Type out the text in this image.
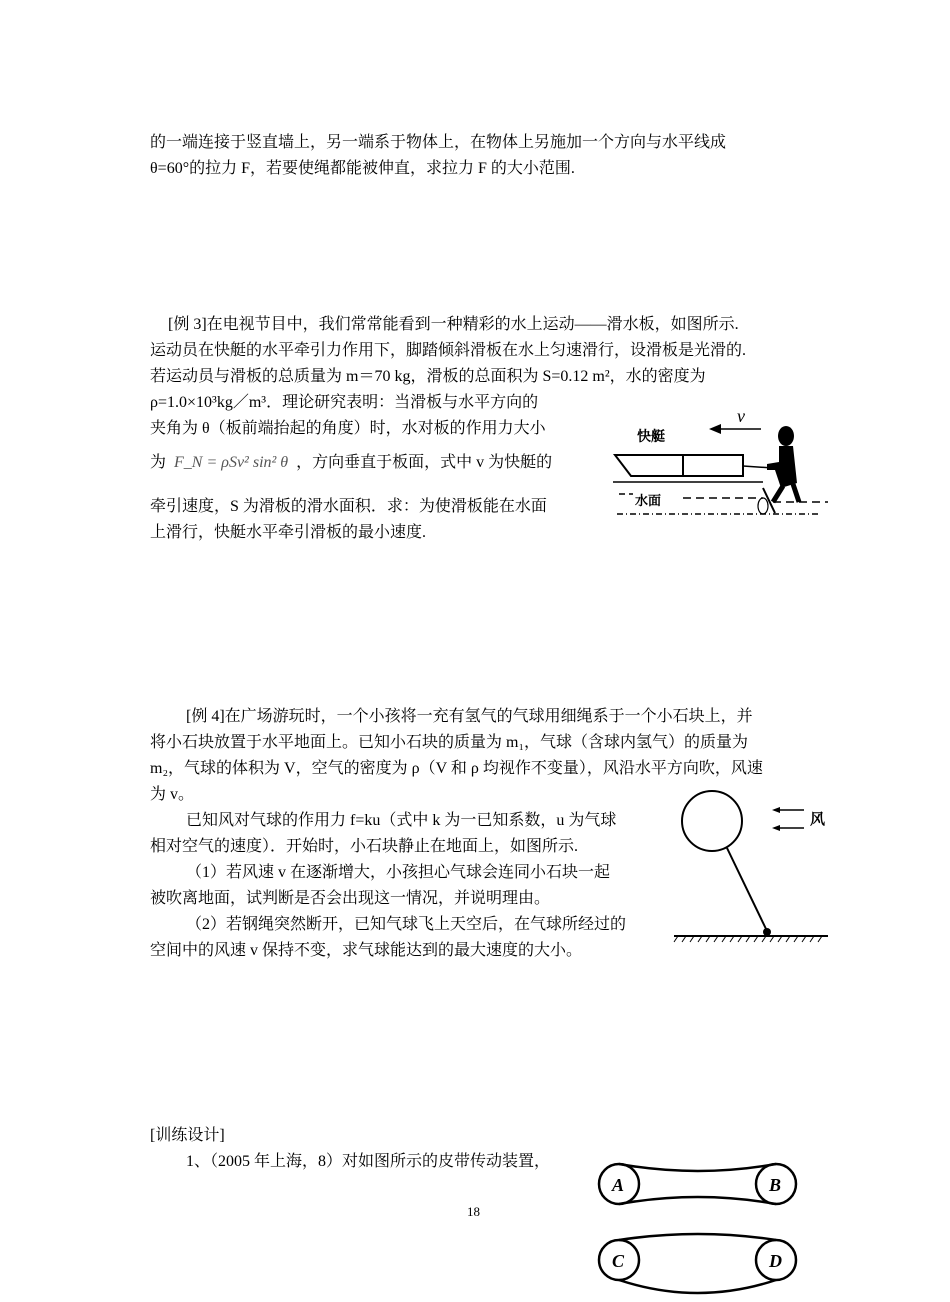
的一端连接于竖直墙上，另一端系于物体上，在物体上另施加一个方向与水平线成
θ=60°的拉力 F，若要使绳都能被伸直，求拉力 F 的大小范围.
[例 3]在电视节目中，我们常常能看到一种精彩的水上运动——滑水板，如图所示.
运动员在快艇的水平牵引力作用下，脚踏倾斜滑板在水上匀速滑行，设滑板是光滑的.
若运动员与滑板的总质量为 m＝70 kg，滑板的总面积为 S=0.12 m²，水的密度为
ρ=1.0×10³kg／m³．理论研究表明：当滑板与水平方向的
夹角为 θ（板前端抬起的角度）时，水对板的作用力大小
为 F_N = ρSv² sin² θ ，方向垂直于板面，式中 v 为快艇的
牵引速度，S 为滑板的滑水面积．求：为使滑板能在水面
上滑行，快艇水平牵引滑板的最小速度.
v
快艇
水面
[例 4]在广场游玩时，一个小孩将一充有氢气的气球用细绳系于一个小石块上，并
将小石块放置于水平地面上。已知小石块的质量为 m₁，气球（含球内氢气）的质量为
m₂，气球的体积为 V，空气的密度为 ρ（V 和 ρ 均视作不变量），风沿水平方向吹，风速
为 v。
已知风对气球的作用力 f=ku（式中 k 为一已知系数，u 为气球
相对空气的速度）．开始时，小石块静止在地面上，如图所示.
（1）若风速 v 在逐渐增大，小孩担心气球会连同小石块一起
被吹离地面，试判断是否会出现这一情况，并说明理由。
（2）若钢绳突然断开，已知气球飞上天空后，在气球所经过的
空间中的风速 v 保持不变，求气球能达到的最大速度的大小。
风
[训练设计]
1、（2005 年上海，8）对如图所示的皮带传动装置，
18
A	B
C	D
